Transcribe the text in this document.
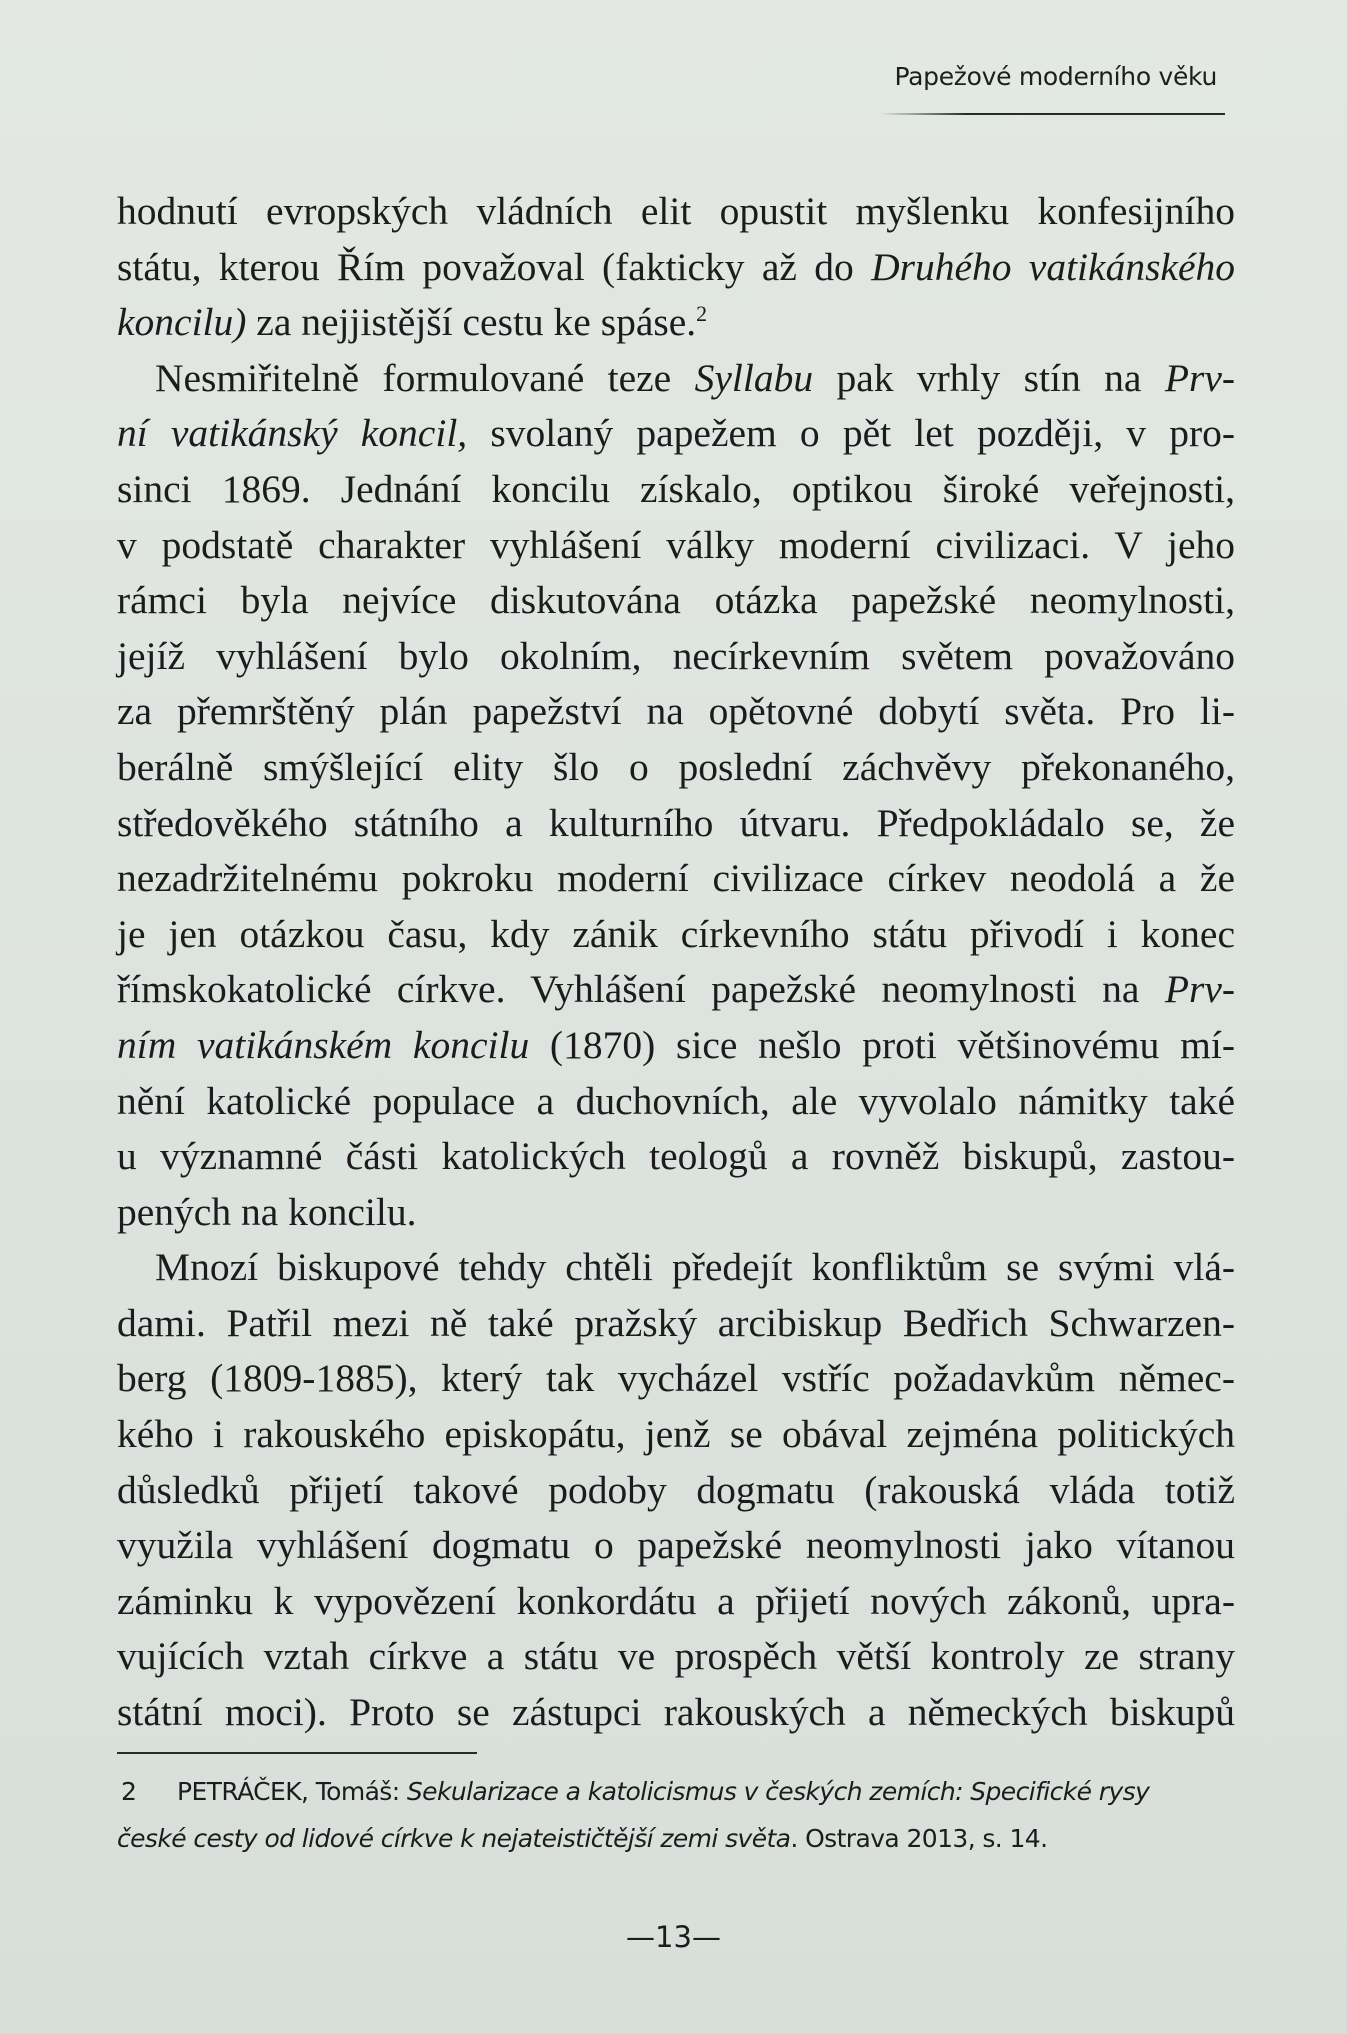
Papežové moderního věku
hodnutí evropských vládních elit opustit myšlenku konfesijního
státu, kterou Řím považoval (fakticky až do Druhého vatikánského
koncilu) za nejjistější cestu ke spáse.$^2$
Nesmiřitelně formulované teze Syllabu pak vrhly stín na Prv-
ní vatikánský koncil, svolaný papežem o pět let později, v pro-
sinci 1869. Jednání koncilu získalo, optikou široké veřejnosti,
v podstatě charakter vyhlášení války moderní civilizaci. V jeho
rámci byla nejvíce diskutována otázka papežské neomylnosti,
jejíž vyhlášení bylo okolním, necírkevním světem považováno
za přemrštěný plán papežství na opětovné dobytí světa. Pro li-
berálně smýšlející elity šlo o poslední záchvěvy překonaného,
středověkého státního a kulturního útvaru. Předpokládalo se, že
nezadržitelnému pokroku moderní civilizace církev neodolá a že
je jen otázkou času, kdy zánik církevního státu přivodí i konec
římskokatolické církve. Vyhlášení papežské neomylnosti na Prv-
ním vatikánském koncilu (1870) sice nešlo proti většinovému mí-
nění katolické populace a duchovních, ale vyvolalo námitky také
u významné části katolických teologů a rovněž biskupů, zastou-
pených na koncilu.
Mnozí biskupové tehdy chtěli předejít konfliktům se svými vlá-
dami. Patřil mezi ně také pražský arcibiskup Bedřich Schwarzen-
berg (1809-1885), který tak vycházel vstříc požadavkům němec-
kého i rakouského episkopátu, jenž se obával zejména politických
důsledků přijetí takové podoby dogmatu (rakouská vláda totiž
využila vyhlášení dogmatu o papežské neomylnosti jako vítanou
záminku k vypovězení konkordátu a přijetí nových zákonů, upra-
vujících vztah církve a státu ve prospěch větší kontroly ze strany
státní moci). Proto se zástupci rakouských a německých biskupů
2 PETRÁČEK, Tomáš: Sekularizace a katolicismus v českých zemích: Specifické rysy
české cesty od lidové církve k nejateističtější zemi světa. Ostrava 2013, s. 14.
—13—
